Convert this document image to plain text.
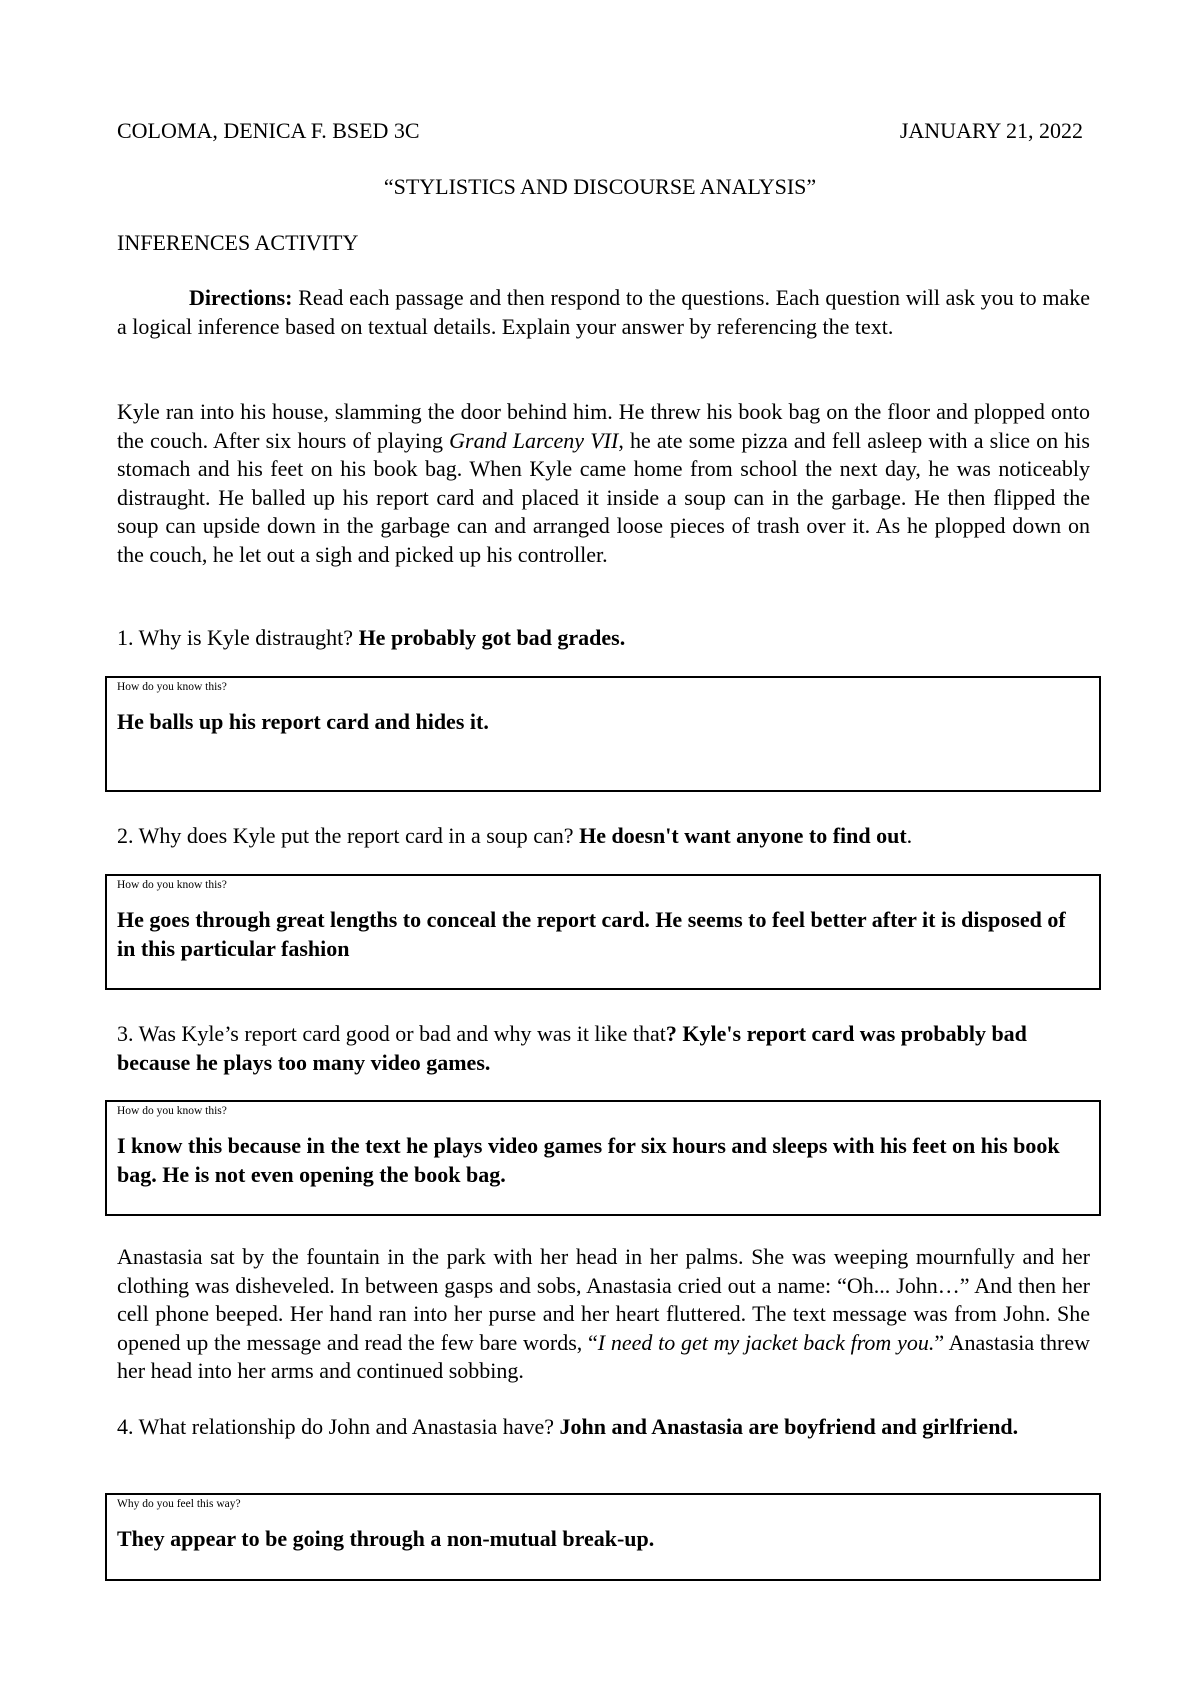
COLOMA, DENICA F. BSED 3C	JANUARY 21, 2022
“STYLISTICS AND DISCOURSE ANALYSIS”
INFERENCES ACTIVITY
Directions: Read each passage and then respond to the questions. Each question will ask you to make a logical inference based on textual details. Explain your answer by referencing the text.
Kyle ran into his house, slamming the door behind him. He threw his book bag on the floor and plopped onto the couch. After six hours of playing Grand Larceny VII, he ate some pizza and fell asleep with a slice on his stomach and his feet on his book bag. When Kyle came home from school the next day, he was noticeably distraught. He balled up his report card and placed it inside a soup can in the garbage. He then flipped the soup can upside down in the garbage can and arranged loose pieces of trash over it. As he plopped down on the couch, he let out a sigh and picked up his controller.
1. Why is Kyle distraught? He probably got bad grades.
How do you know this?
He balls up his report card and hides it.
2. Why does Kyle put the report card in a soup can? He doesn't want anyone to find out.
How do you know this?
He goes through great lengths to conceal the report card. He seems to feel better after it is disposed of in this particular fashion
3. Was Kyle’s report card good or bad and why was it like that? Kyle's report card was probably bad because he plays too many video games.
How do you know this?
I know this because in the text he plays video games for six hours and sleeps with his feet on his book bag. He is not even opening the book bag.
Anastasia sat by the fountain in the park with her head in her palms. She was weeping mournfully and her clothing was disheveled. In between gasps and sobs, Anastasia cried out a name: “Oh... John…” And then her cell phone beeped. Her hand ran into her purse and her heart fluttered. The text message was from John. She opened up the message and read the few bare words, “I need to get my jacket back from you.” Anastasia threw her head into her arms and continued sobbing.
4. What relationship do John and Anastasia have? John and Anastasia are boyfriend and girlfriend.
Why do you feel this way?
They appear to be going through a non-mutual break-up.
